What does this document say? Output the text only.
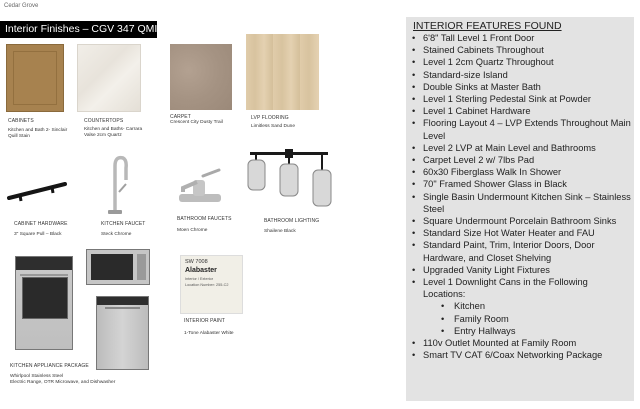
Cedar Grove
Interior Finishes – CGV 347 QMI
CABINETS
Kitchen and Bath 2- Sinclair Quill Stain
COUNTERTOPS
Kitchen and Baths- Carrara Valse 2cm Quartz
CARPET
Crescent City Dusty Trail
LVP FLOORING
Limitless Sand Dune
CABINET HARDWARE
3" Square Pull – Black
KITCHEN FAUCET
Steck Chrome
BATHROOM FAUCETS
Moen Chrome
BATHROOM LIGHTING
Shailene Black
KITCHEN APPLIANCE PACKAGE
Whirlpool Stainless Steel
Electric Range, OTR Microwave, and Dishwasher
SW 7008
Alabaster
Interior / Exterior
Location Number: 255-C2
INTERIOR PAINT
1-Tone Alabaster White
INTERIOR FEATURES FOUND
• 6'8" Tall Level 1 Front Door
• Stained Cabinets Throughout
• Level 1 2cm Quartz Throughout
• Standard-size Island
• Double Sinks at Master Bath
• Level 1 Sterling Pedestal Sink at Powder
• Level 1 Cabinet Hardware
• Flooring Layout 4 – LVP Extends Throughout Main Level
• Level 2 LVP at Main Level and Bathrooms
• Carpet Level 2 w/ 7lbs Pad
• 60x30 Fiberglass Walk In Shower
• 70" Framed Shower Glass in Black
• Single Basin Undermount Kitchen Sink – Stainless Steel
• Square Undermount Porcelain Bathroom Sinks
• Standard Size Hot Water Heater and FAU
• Standard Paint, Trim, Interior Doors, Door Hardware, and Closet Shelving
• Upgraded Vanity Light Fixtures
• Level 1 Downlight Cans in the Following Locations:
• Kitchen
• Family Room
• Entry Hallways
• 110v Outlet Mounted at Family Room
• Smart TV CAT 6/Coax Networking Package
